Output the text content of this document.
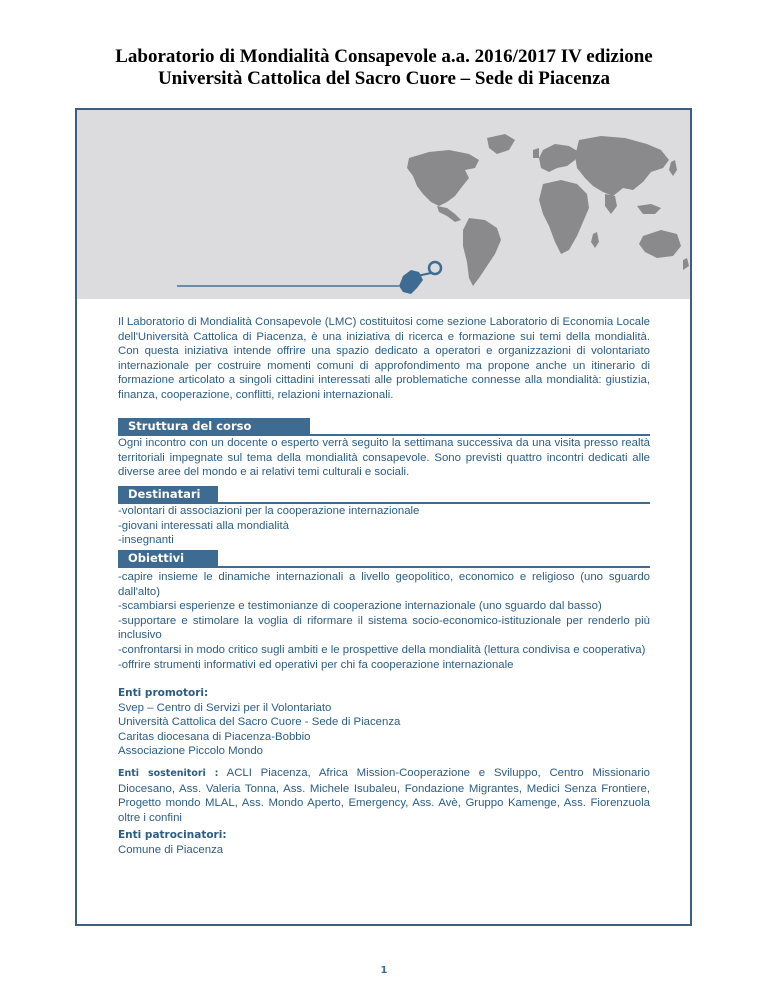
Laboratorio di Mondialità Consapevole a.a. 2016/2017 IV edizione
Università Cattolica del Sacro Cuore – Sede di Piacenza
Il Laboratorio di Mondialità Consapevole (LMC) costituitosi come sezione Laboratorio di Economia Locale dell'Università Cattolica di Piacenza, è una iniziativa di ricerca e formazione sui temi della mondialità. Con questa iniziativa intende offrire una spazio dedicato a operatori e organizzazioni di volontariato internazionale per costruire momenti comuni di approfondimento ma propone anche un itinerario di formazione articolato a singoli cittadini interessati alle problematiche connesse alla mondialità: giustizia, finanza, cooperazione, conflitti, relazioni internazionali.
Struttura del corso
Ogni incontro con un docente o esperto verrà seguito la settimana successiva da una visita presso realtà territoriali impegnate sul tema della mondialità consapevole. Sono previsti quattro incontri dedicati alle diverse aree del mondo e ai relativi temi culturali e sociali.
Destinatari
-volontari di associazioni per la cooperazione internazionale
-giovani interessati alla mondialità
-insegnanti
Obiettivi
-capire insieme le dinamiche internazionali a livello geopolitico, economico e religioso (uno sguardo dall'alto)
-scambiarsi esperienze e testimonianze di cooperazione internazionale (uno sguardo dal basso)
-supportare e stimolare la voglia di riformare il sistema socio-economico-istituzionale per renderlo più inclusivo
-confrontarsi in modo critico sugli ambiti e le prospettive della mondialità (lettura condivisa e cooperativa)
-offrire strumenti informativi ed operativi per chi fa cooperazione internazionale
Enti promotori:
Svep – Centro di Servizi per il Volontariato
Università Cattolica del Sacro Cuore - Sede di Piacenza
Caritas diocesana di Piacenza-Bobbio
Associazione Piccolo Mondo
Enti sostenitori : ACLI Piacenza, Africa Mission-Cooperazione e Sviluppo, Centro Missionario Diocesano, Ass. Valeria Tonna, Ass. Michele Isubaleu, Fondazione Migrantes, Medici Senza Frontiere, Progetto mondo MLAL, Ass. Mondo Aperto, Emergency, Ass. Avè, Gruppo Kamenge, Ass. Fiorenzuola oltre i confini
Enti patrocinatori:
Comune di Piacenza
1
